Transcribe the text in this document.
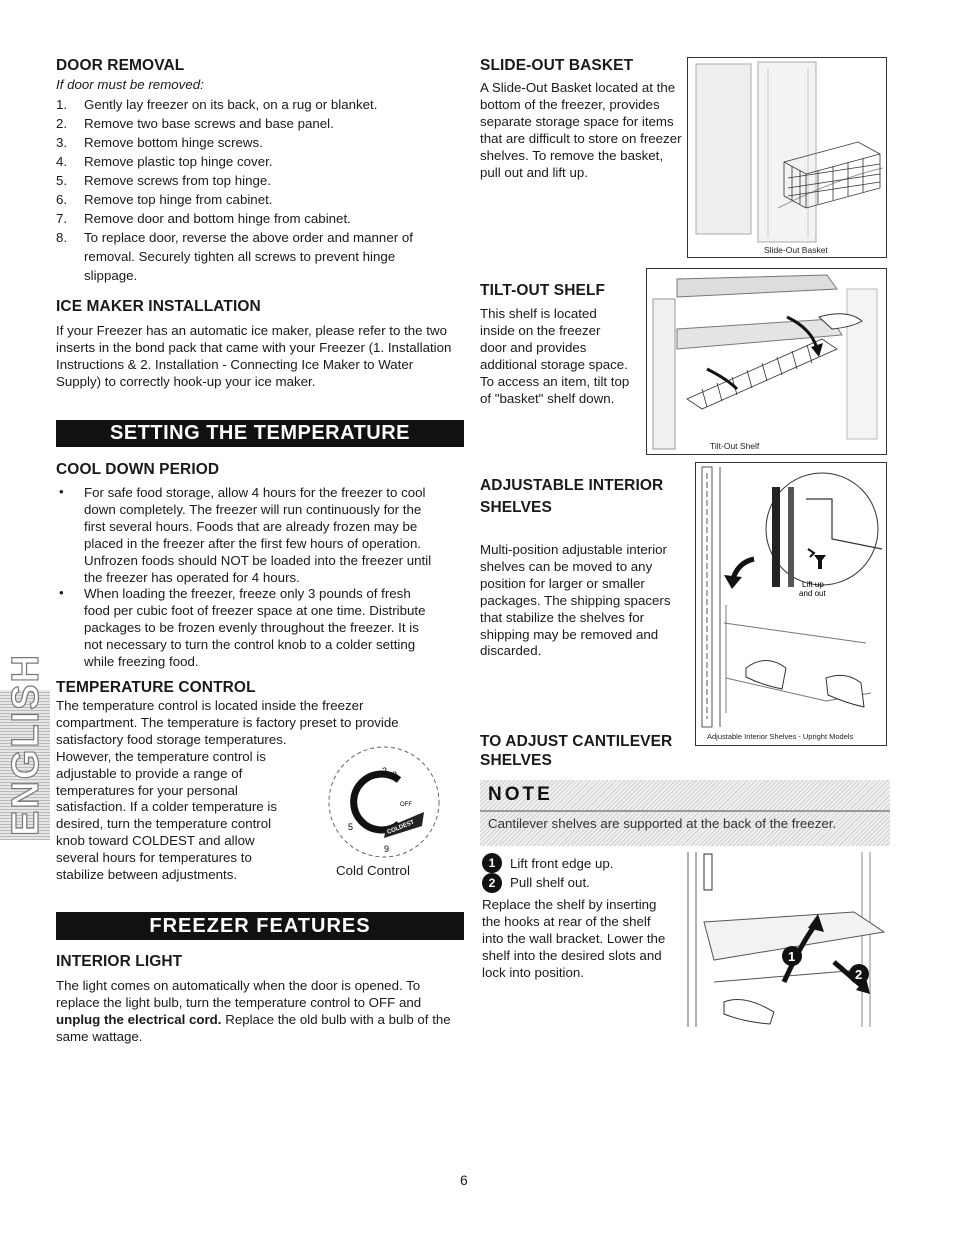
DOOR REMOVAL
If door must be removed:
1. Gently lay freezer on its back, on a rug or blanket.
2. Remove two base screws and base panel.
3. Remove bottom hinge screws.
4. Remove plastic top hinge cover.
5. Remove screws from top hinge.
6. Remove top hinge from cabinet.
7. Remove door and bottom hinge from cabinet.
8. To replace door, reverse the above order and manner of removal. Securely tighten all screws to prevent hinge slippage.
ICE MAKER INSTALLATION
If your Freezer has an automatic ice maker, please refer to the two inserts in the bond pack that came with your Freezer (1. Installation Instructions & 2. Installation - Connecting Ice Maker to Water Supply) to correctly hook-up your ice maker.
SETTING THE TEMPERATURE CONTROL
COOL DOWN PERIOD
• For safe food storage, allow 4 hours for the freezer to cool down completely. The freezer will run continuously for the first several hours. Foods that are already frozen may be placed in the freezer after the first few hours of operation. Unfrozen foods should NOT be loaded into the freezer until the freezer has operated for 4 hours.
• When loading the freezer, freeze only 3 pounds of fresh food per cubic foot of freezer space at one time. Distribute packages to be frozen evenly throughout the freezer. It is not necessary to turn the control knob to a colder setting while freezing food.
TEMPERATURE CONTROL
The temperature control is located inside the freezer
compartment. The temperature is factory preset to provide
satisfactory food storage temperatures.
However, the temperature control is
adjustable to provide a range of
temperatures for your personal
satisfaction. If a colder temperature is
desired, turn the temperature control
knob toward COLDEST and allow
several hours for temperatures to
stabilize between adjustments.
2 3
5
9
OFF
COLDEST
Cold Control
FREEZER FEATURES
INTERIOR LIGHT
The light comes on automatically when the door is opened. To replace the light bulb, turn the temperature control to OFF and unplug the electrical cord. Replace the old bulb with a bulb of the same wattage.
ENGLISH
SLIDE-OUT BASKET
A Slide-Out Basket located at the bottom of the freezer, provides separate storage space for items that are difficult to store on freezer shelves. To remove the basket, pull out and lift up.
Slide-Out Basket
TILT-OUT SHELF
This shelf is located inside on the freezer door and provides additional storage space. To access an item, tilt top of "basket" shelf down.
Tilt-Out Shelf
ADJUSTABLE INTERIOR
SHELVES
Multi-position adjustable interior shelves can be moved to any position for larger or smaller packages. The shipping spacers that stabilize the shelves for shipping may be removed and discarded.
Lift up
and out
Adjustable Interior Shelves - Upright Models
TO ADJUST CANTILEVER
SHELVES
NOTE
Cantilever shelves are supported at the back of the freezer.
1	Lift front edge up.
2	Pull shelf out.
Replace the shelf by inserting the hooks at rear of the shelf into the wall bracket. Lower the shelf into the desired slots and lock into position.
1
2
6
